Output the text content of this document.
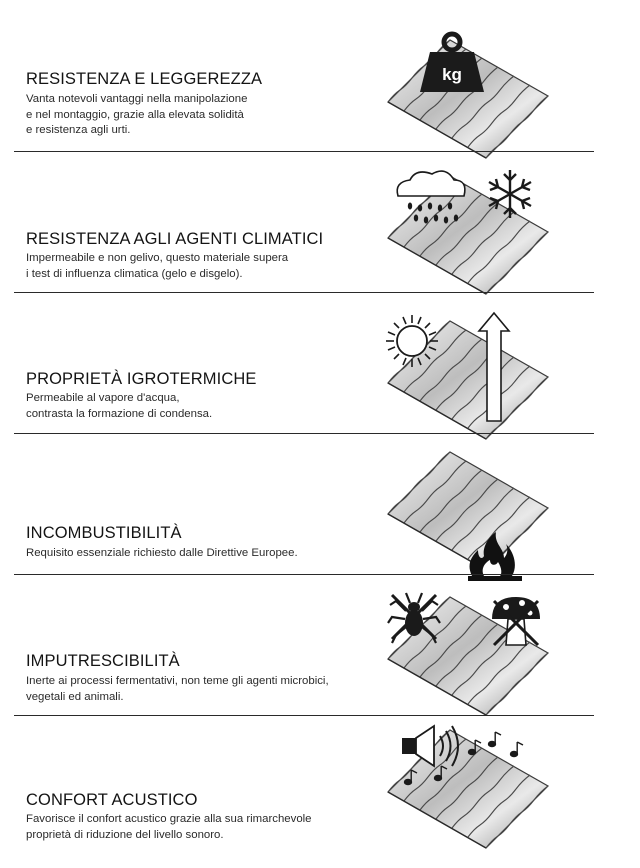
kg
RESISTENZA E LEGGEREZZA
Vanta notevoli vantaggi nella manipolazione
e nel montaggio, grazie alla elevata solidità
e resistenza agli urti.
RESISTENZA AGLI AGENTI CLIMATICI
Impermeabile e non gelivo, questo materiale supera
i test di influenza climatica (gelo e disgelo).
PROPRIETÀ IGROTERMICHE
Permeabile al vapore d'acqua,
contrasta la formazione di condensa.
INCOMBUSTIBILITÀ
Requisito essenziale richiesto dalle Direttive Europee.
IMPUTRESCIBILITÀ
Inerte ai processi fermentativi, non teme gli agenti microbici,
vegetali ed animali.
CONFORT ACUSTICO
Favorisce il confort acustico grazie alla sua rimarchevole
proprietà di riduzione del livello sonoro.
